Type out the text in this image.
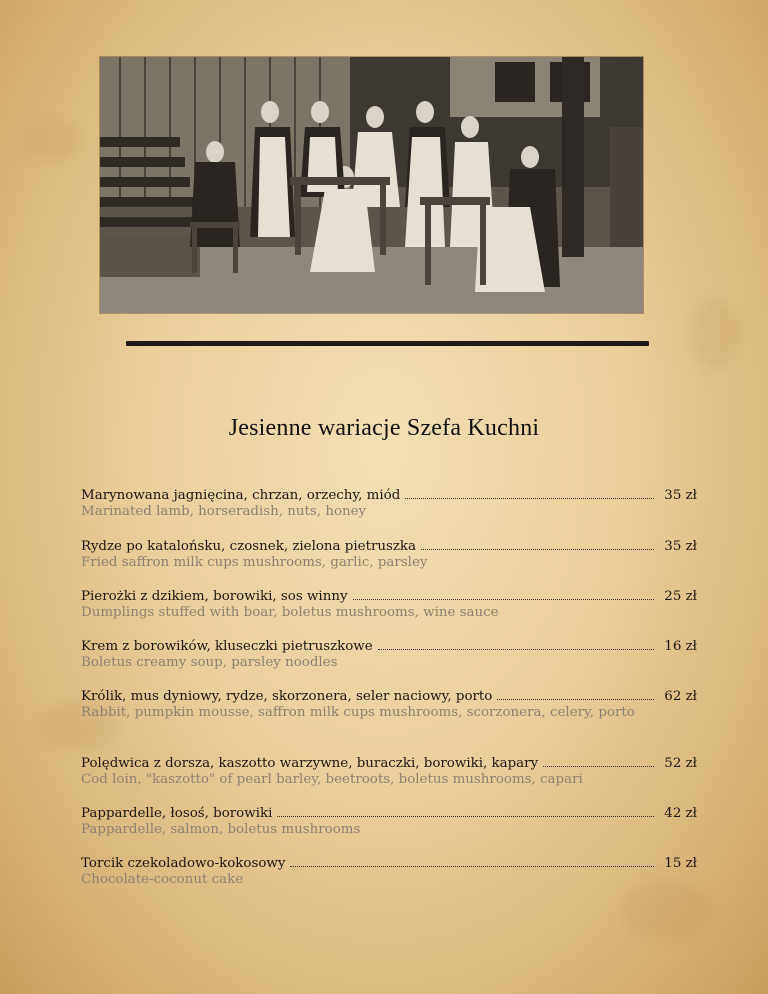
Jesienne wariacje Szefa Kuchni
Marynowana jagnięcina, chrzan, orzechy, miód	35 zł
Marinated lamb, horseradish, nuts, honey
Rydze po katalońsku, czosnek, zielona pietruszka	35 zł
Fried saffron milk cups mushrooms, garlic, parsley
Pierożki z dzikiem, borowiki, sos winny	25 zł
Dumplings stuffed with boar, boletus mushrooms, wine sauce
Krem z borowików, kluseczki pietruszkowe	16 zł
Boletus creamy soup, parsley noodles
Królik, mus dyniowy, rydze, skorzonera, seler naciowy, porto	62 zł
Rabbit, pumpkin mousse, saffron milk cups mushrooms, scorzonera, celery, porto
Polędwica z dorsza, kaszotto warzywne, buraczki, borowiki, kapary	52 zł
Cod loin, "kaszotto" of pearl barley, beetroots, boletus mushrooms, capari
Pappardelle, łosoś, borowiki	42 zł
Pappardelle, salmon, boletus mushrooms
Torcik czekoladowo-kokosowy	15 zł
Chocolate-coconut cake
